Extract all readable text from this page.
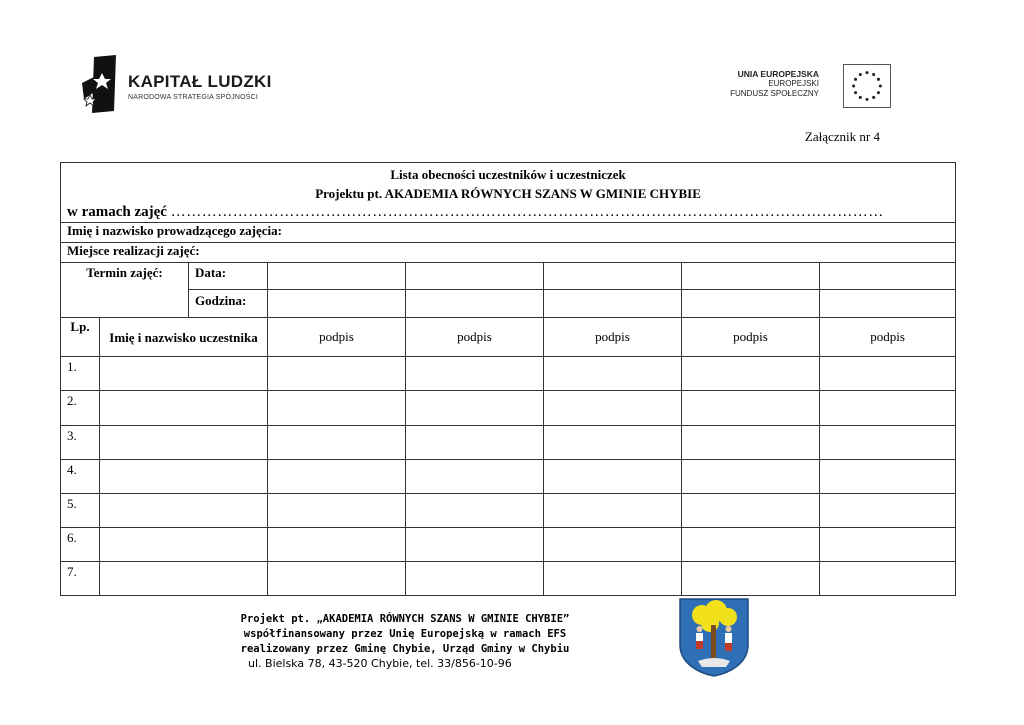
KAPITAŁ LUDZKI
NARODOWA STRATEGIA SPÓJNOŚCI
UNIA EUROPEJSKA
EUROPEJSKI
FUNDUSZ SPOŁECZNY
Załącznik nr 4
Lista obecności uczestników i uczestniczek
Projektu pt. AKADEMIA RÓWNYCH SZANS W GMINIE CHYBIE
w ramach zajęć …………………………………………………………………………………………………………………………							

Imię i nazwisko prowadzącego zajęcia:							
Miejsce realizacji zajęć:							
Termin zajęć:		Data:					
		Godzina:					
Lp.	Imię i nazwisko uczestnika		podpis	podpis	podpis	podpis	podpis
1.							
2.							
3.							
4.							
5.							
6.							
7.							
Projekt pt. „AKADEMIA RÓWNYCH SZANS W GMINIE CHYBIE”
współfinansowany przez Unię Europejską w ramach EFS
realizowany przez Gminę Chybie, Urząd Gminy w Chybiu
ul. Bielska 78, 43-520 Chybie, tel. 33/856-10-96
